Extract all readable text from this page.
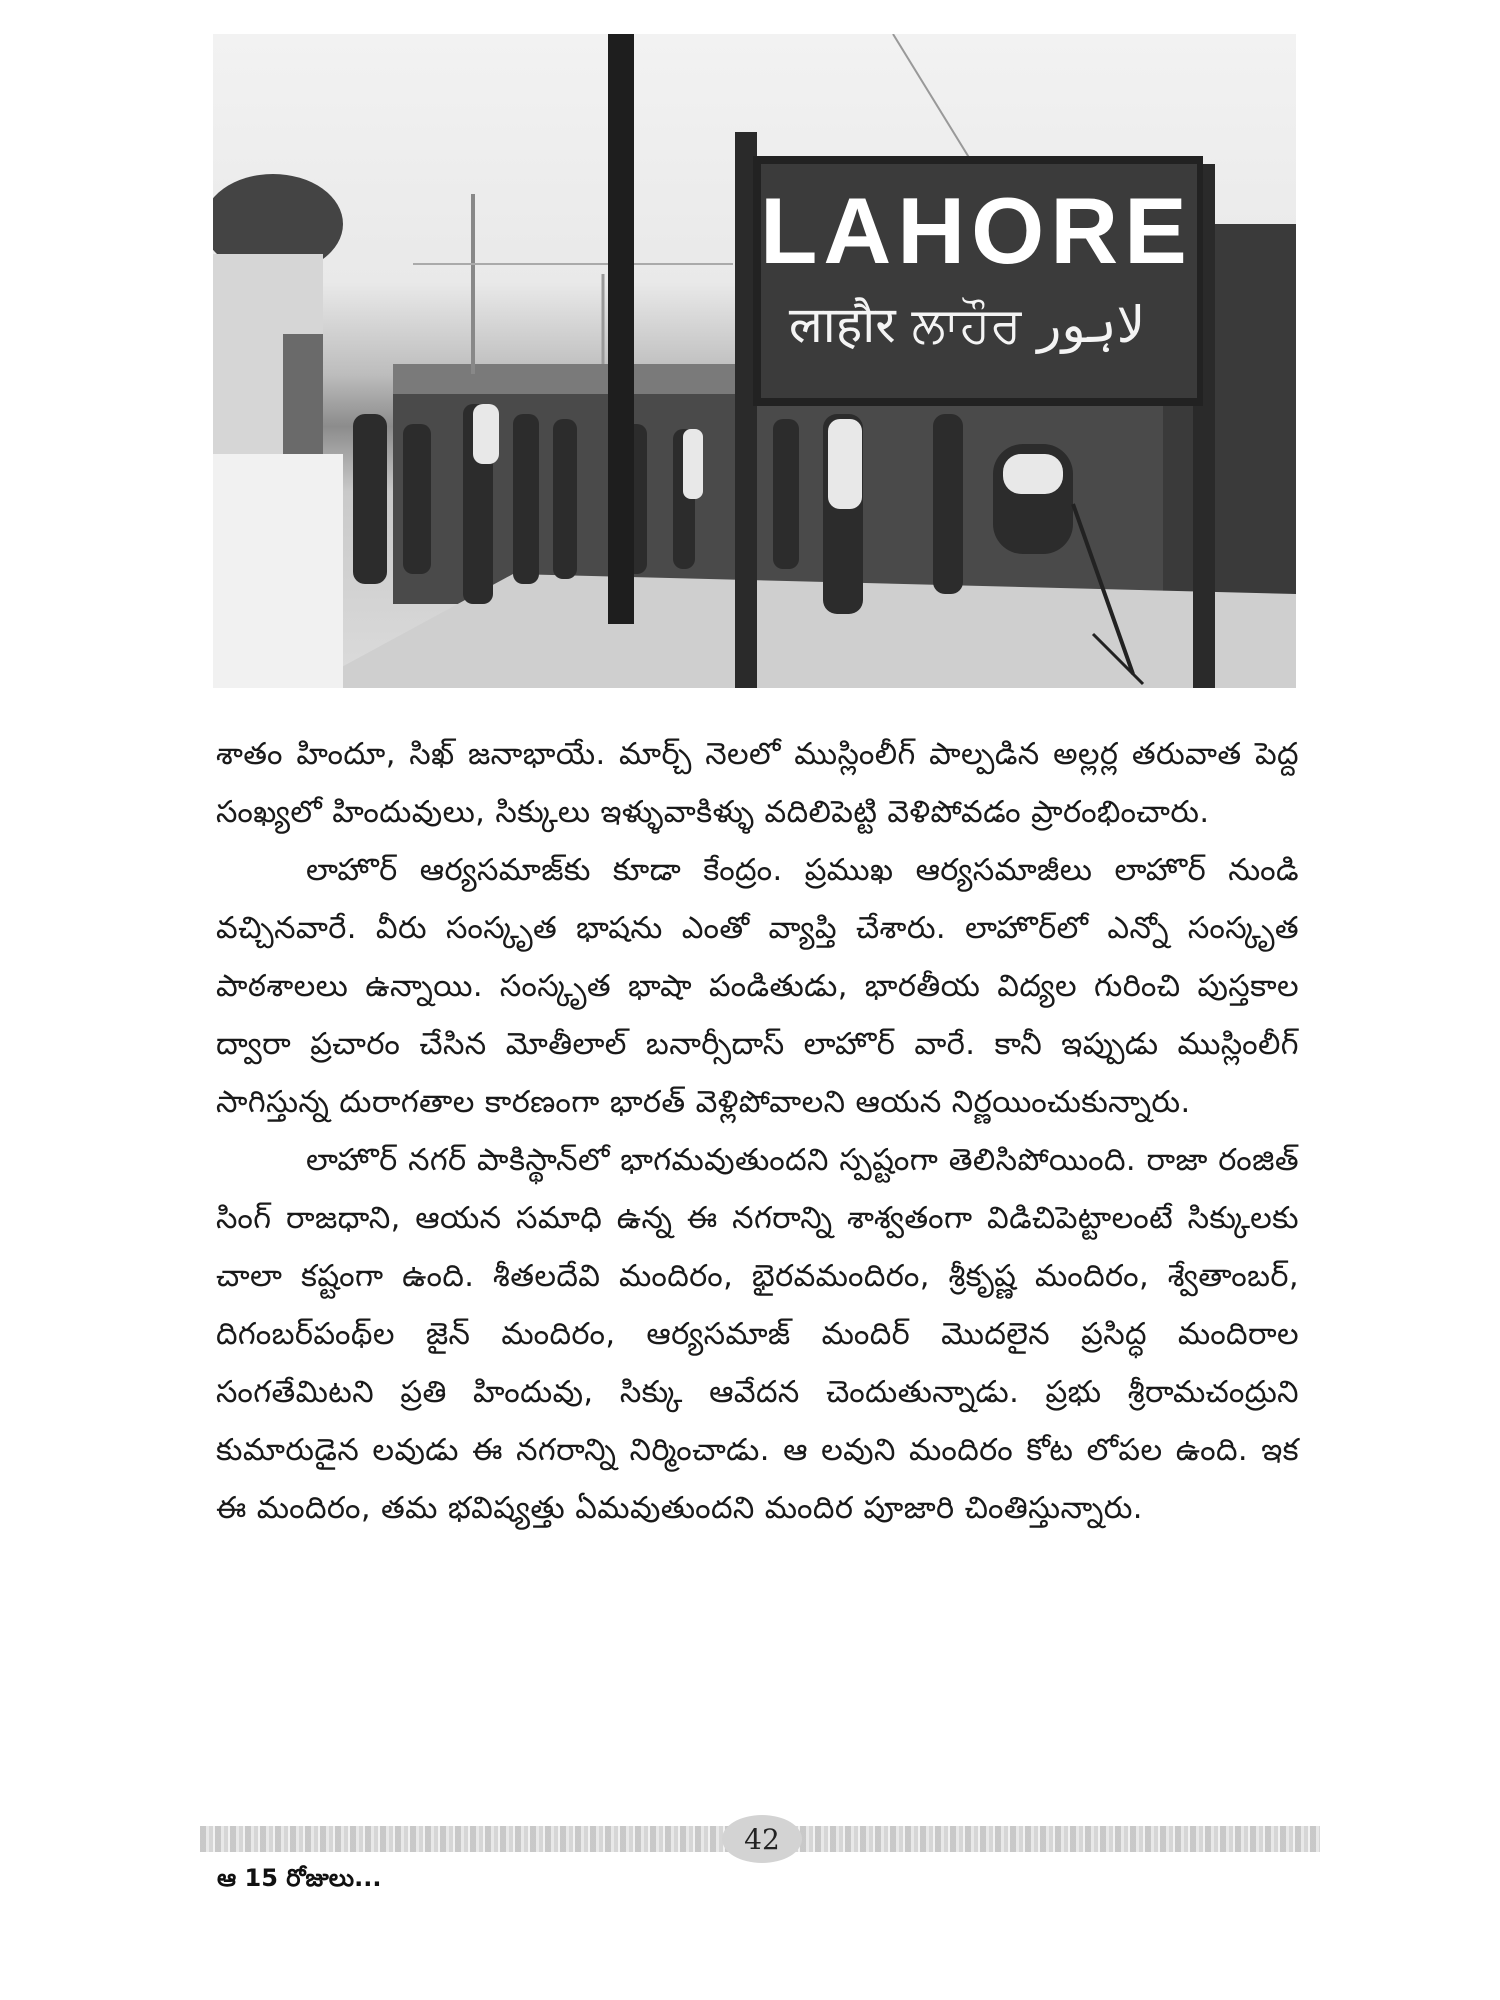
LAHORE
लाहौर ਲਾਹੌਰ لاہور

శాతం హిందూ, సిఖ్ జనాభాయే. మార్చ్ నెలలో ముస్లింలీగ్ పాల్పడిన అల్లర్ల తరువాత పెద్ద సంఖ్యలో హిందువులు, సిక్కులు ఇళ్ళువాకిళ్ళు వదిలిపెట్టి వెళిపోవడం ప్రారంభించారు.

లాహొర్ ఆర్యసమాజ్‌కు కూడా కేంద్రం. ప్రముఖ ఆర్యసమాజీలు లాహొర్ నుండి వచ్చినవారే. వీరు సంస్కృత భాషను ఎంతో వ్యాప్తి చేశారు. లాహొర్‌లో ఎన్నో సంస్కృత పాఠశాలలు ఉన్నాయి. సంస్కృత భాషా పండితుడు, భారతీయ విద్యల గురించి పుస్తకాల ద్వారా ప్రచారం చేసిన మోతీలాల్ బనార్సీదాస్ లాహొర్ వారే. కానీ ఇప్పుడు ముస్లింలీగ్ సాగిస్తున్న దురాగతాల కారణంగా భారత్ వెళ్లిపోవాలని ఆయన నిర్ణయించుకున్నారు.

లాహొర్ నగర్ పాకిస్థాన్‌లో భాగమవుతుందని స్పష్టంగా తెలిసిపోయింది. రాజా రంజిత్ సింగ్ రాజధాని, ఆయన సమాధి ఉన్న ఈ నగరాన్ని శాశ్వతంగా విడిచిపెట్టాలంటే సిక్కులకు చాలా కష్టంగా ఉంది. శీతలదేవి మందిరం, భైరవమందిరం, శ్రీకృష్ణ మందిరం, శ్వేతాంబర్, దిగంబర్‌పంథ్‌ల జైన్ మందిరం, ఆర్యసమాజ్ మందిర్ మొదలైన ప్రసిద్ధ మందిరాల సంగతేమిటని ప్రతి హిందువు, సిక్కు ఆవేదన చెందుతున్నాడు. ప్రభు శ్రీరామచంద్రుని కుమారుడైన లవుడు ఈ నగరాన్ని నిర్మించాడు. ఆ లవుని మందిరం కోట లోపల ఉంది. ఇక ఈ మందిరం, తమ భవిష్యత్తు ఏమవుతుందని మందిర పూజారి చింతిస్తున్నారు.

42
ఆ 15 రోజులు...
